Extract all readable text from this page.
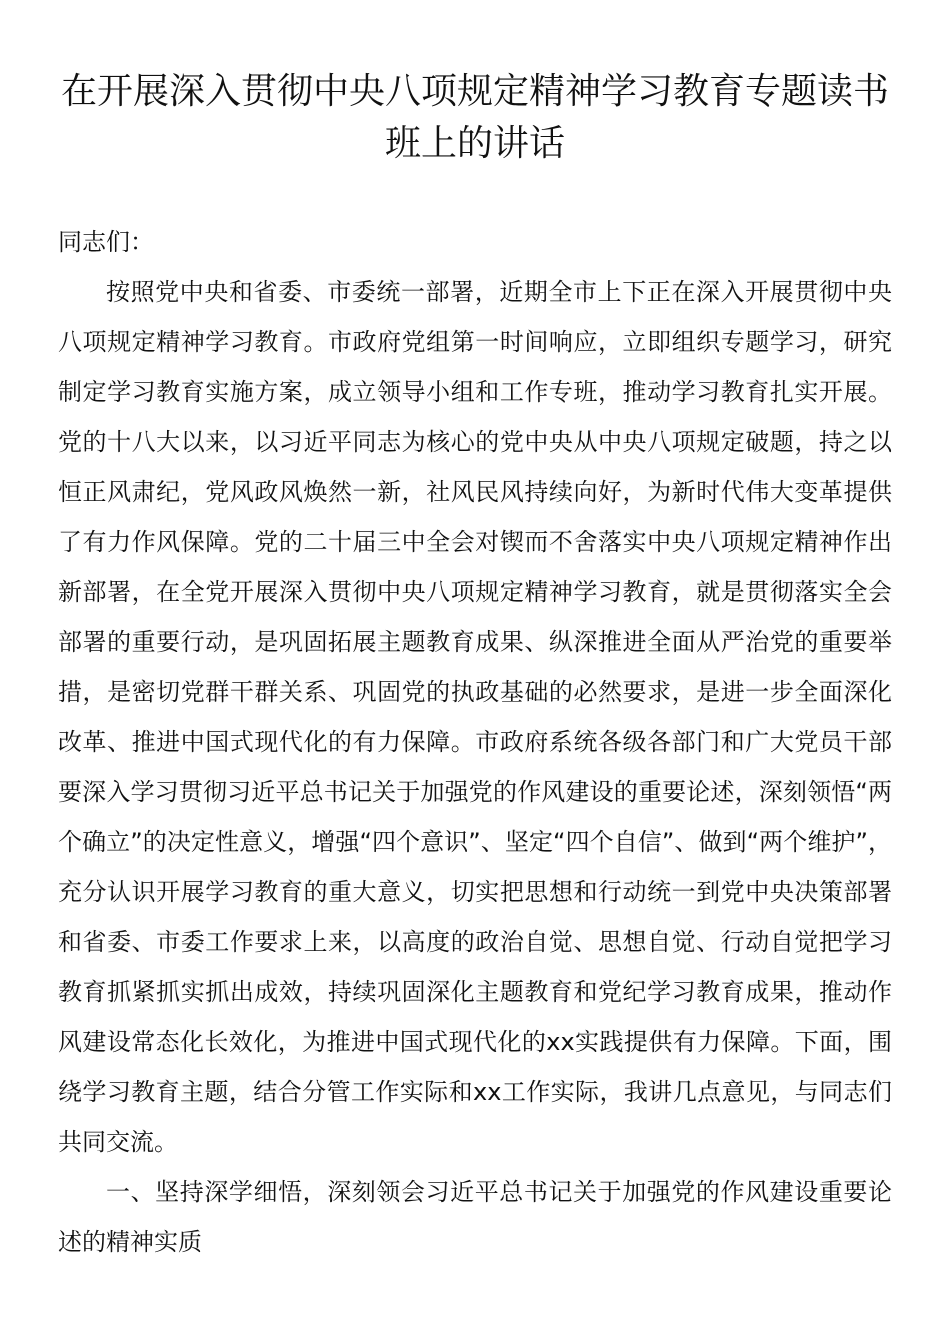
在开展深入贯彻中央八项规定精神学习教育专题读书班上的讲话

同志们：

按照党中央和省委、市委统一部署，近期全市上下正在深入开展贯彻中央八项规定精神学习教育。市政府党组第一时间响应，立即组织专题学习，研究制定学习教育实施方案，成立领导小组和工作专班，推动学习教育扎实开展。党的十八大以来，以习近平同志为核心的党中央从中央八项规定破题，持之以恒正风肃纪，党风政风焕然一新，社风民风持续向好，为新时代伟大变革提供了有力作风保障。党的二十届三中全会对锲而不舍落实中央八项规定精神作出新部署，在全党开展深入贯彻中央八项规定精神学习教育，就是贯彻落实全会部署的重要行动，是巩固拓展主题教育成果、纵深推进全面从严治党的重要举措，是密切党群干群关系、巩固党的执政基础的必然要求，是进一步全面深化改革、推进中国式现代化的有力保障。市政府系统各级各部门和广大党员干部要深入学习贯彻习近平总书记关于加强党的作风建设的重要论述，深刻领悟“两个确立”的决定性意义，增强“四个意识”、坚定“四个自信”、做到“两个维护”，充分认识开展学习教育的重大意义，切实把思想和行动统一到党中央决策部署和省委、市委工作要求上来，以高度的政治自觉、思想自觉、行动自觉把学习教育抓紧抓实抓出成效，持续巩固深化主题教育和党纪学习教育成果，推动作风建设常态化长效化，为推进中国式现代化的xx实践提供有力保障。下面，围绕学习教育主题，结合分管工作实际和xx工作实际，我讲几点意见，与同志们共同交流。

一、坚持深学细悟，深刻领会习近平总书记关于加强党的作风建设重要论述的精神实质
